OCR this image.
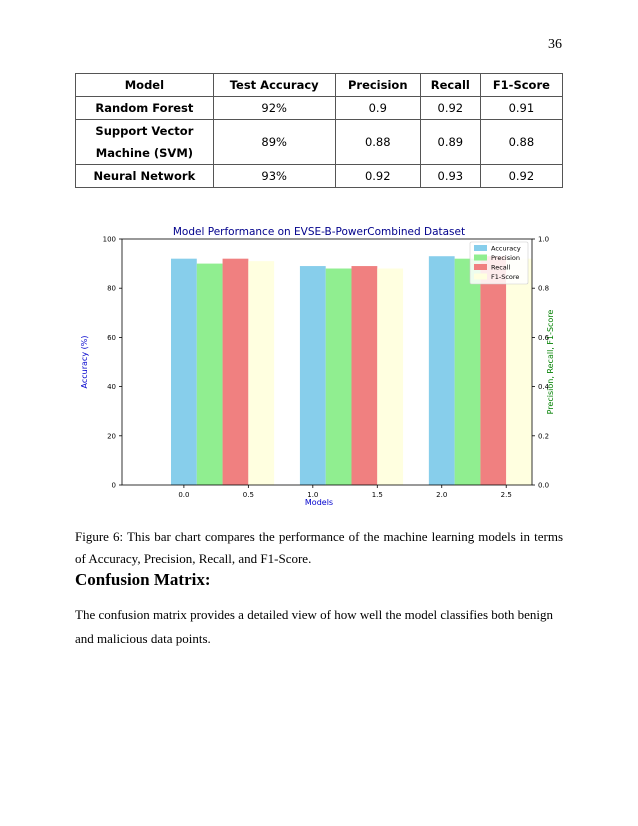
36
Model	Test Accuracy	Precision	Recall	F1-Score
Random Forest	92%	0.9	0.92	0.91
Support Vector
Machine (SVM)	89%	0.88	0.89	0.88
Neural Network	93%	0.92	0.93	0.92
Model Performance on EVSE-B-PowerCombined Dataset
Models
Accuracy (%)	Precision, Recall, F1-Score
0.0	0.5	1.0	1.5	2.0	2.5
0
20
40
60
80
100
0.0
0.2
0.4
0.6
0.8
1.0
Accuracy
Precision
Recall
F1-Score
Figure 6: This bar chart compares the performance of the machine learning models in terms of Accuracy, Precision, Recall, and F1-Score.
Confusion Matrix:
The confusion matrix provides a detailed view of how well the model classifies both benign and malicious data points.
